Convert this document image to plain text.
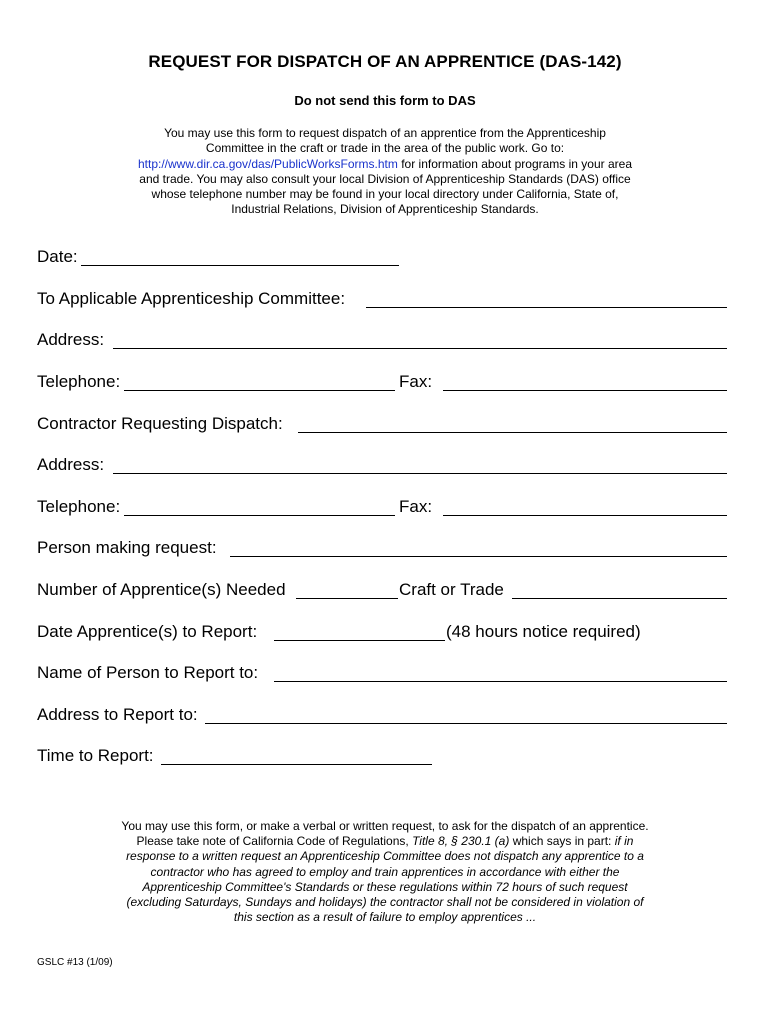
REQUEST FOR DISPATCH OF AN APPRENTICE (DAS-142)
Do not send this form to DAS
You may use this form to request dispatch of an apprentice from the Apprenticeship Committee in the craft or trade in the area of the public work. Go to: http://www.dir.ca.gov/das/PublicWorksForms.htm for information about programs in your area and trade. You may also consult your local Division of Apprenticeship Standards (DAS) office whose telephone number may be found in your local directory under California, State of, Industrial Relations, Division of Apprenticeship Standards.
Date:
To Applicable Apprenticeship Committee:
Address:
Telephone:	Fax:
Contractor Requesting Dispatch:
Address:
Telephone:	Fax:
Person making request:
Number of Apprentice(s) Needed	Craft or Trade
Date Apprentice(s) to Report:	(48 hours notice required)
Name of Person to Report to:
Address to Report to:
Time to Report:
You may use this form, or make a verbal or written request, to ask for the dispatch of an apprentice. Please take note of California Code of Regulations, Title 8, § 230.1 (a) which says in part: if in response to a written request an Apprenticeship Committee does not dispatch any apprentice to a contractor who has agreed to employ and train apprentices in accordance with either the Apprenticeship Committee's Standards or these regulations within 72 hours of such request (excluding Saturdays, Sundays and holidays) the contractor shall not be considered in violation of this section as a result of failure to employ apprentices ...
GSLC #13 (1/09)
